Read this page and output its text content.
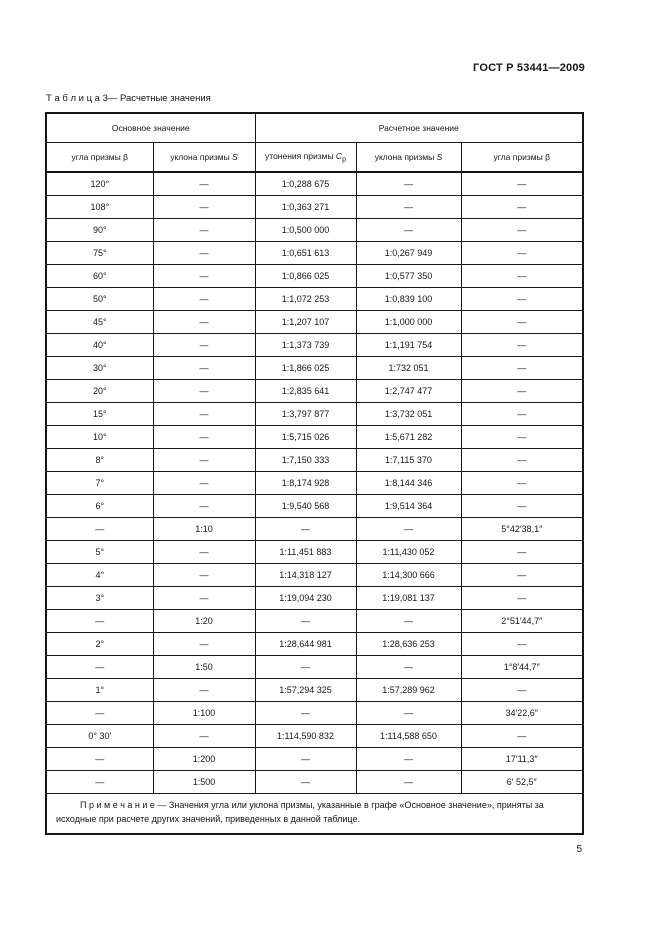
ГОСТ Р 53441—2009
Т а б л и ц а 3— Расчетные значения
Основное значение		Расчетное значение		
угла призмы β	уклона призмы S	утонения призмы $C_p$	уклона призмы S	угла призмы β
120°	—	1:0,288 675	—	—
108°	—	1:0,363 271	—	—
90°	—	1:0,500 000	—	—
75°	—	1:0,651 613	1:0,267 949	—
60°	—	1:0,866 025	1:0,577 350	—
50°	—	1:1,072 253	1:0,839 100	—
45°	—	1:1,207 107	1:1,000 000	—
40°	—	1:1,373 739	1:1,191 754	—
30°	—	1:1,866 025	1:732 051	—
20°	—	1:2,835 641	1:2,747 477	—
15°	—	1:3,797 877	1:3,732 051	—
10°	—	1:5,715 026	1:5,671 282	—
8°	—	1:7,150 333	1:7,115 370	—
7°	—	1:8,174 928	1:8,144 346	—
6°	—	1:9,540 568	1:9,514 364	—
—	1:10	—	—	5°42′38,1″
5°	—	1:11,451 883	1:11,430 052	—
4°	—	1:14,318 127	1:14,300 666	—
3°	—	1:19,094 230	1:19,081 137	—
—	1:20	—	—	2°51′44,7″
2°	—	1:28,644 981	1:28,636 253	—
—	1:50	—	—	1°8′44,7″
1°	—	1:57,294 325	1:57,289 962	—
—	1:100	—	—	34′22,6″
0° 30′	—	1:114,590 832	1:114,588 650	—
—	1:200	—	—	17′11,3″
—	1:500	—	—	6′ 52,5″
П р и м е ч а н и е — Значения угла или уклона призмы, указанные в графе «Основное значение», приняты за исходные при расчете других значений, приведенных в данной таблице.				
5
